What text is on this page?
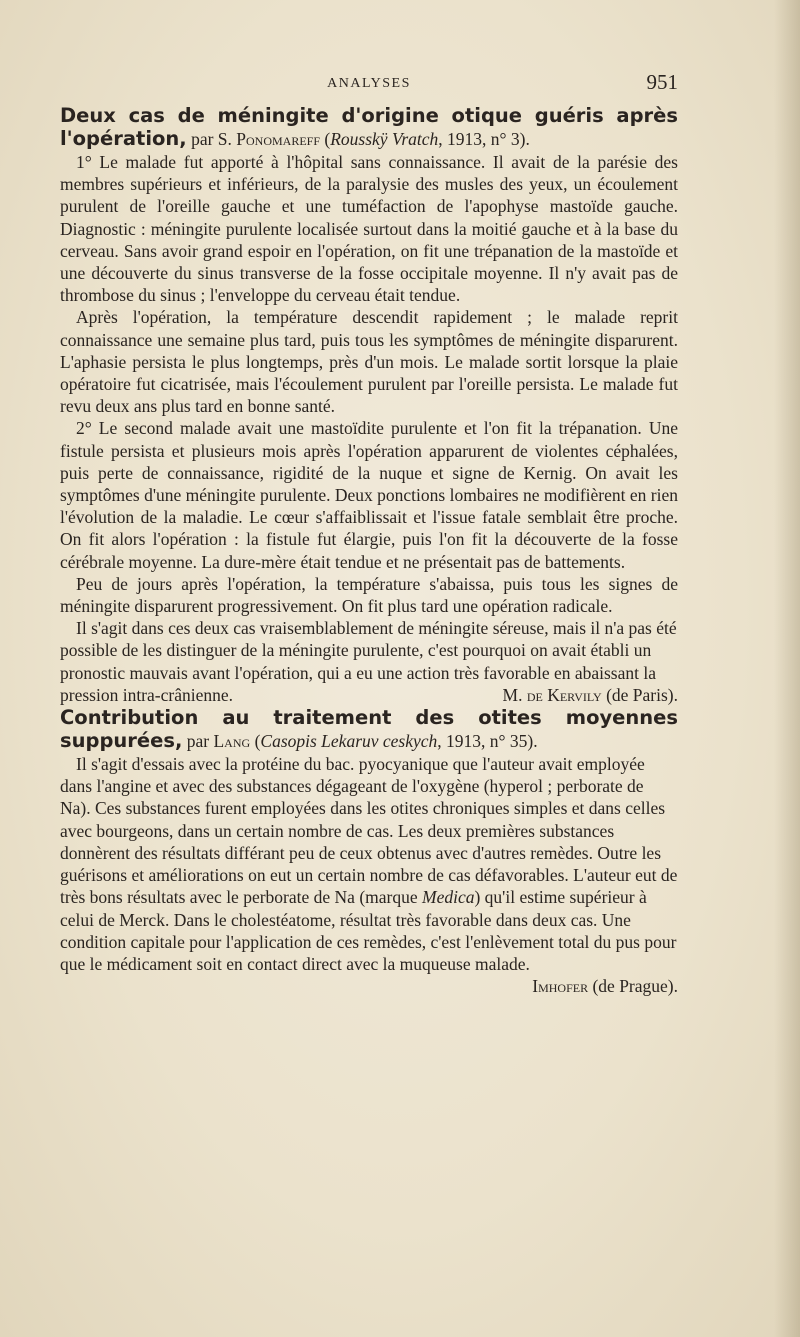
ANALYSES	951
Deux cas de méningite d'origine otique guéris après l'opération, par S. Ponomareff (Rousskÿ Vratch, 1913, n° 3).

1° Le malade fut apporté à l'hôpital sans connaissance. Il avait de la parésie des membres supérieurs et inférieurs, de la paralysie des musles des yeux, un écoulement purulent de l'oreille gauche et une tuméfaction de l'apophyse mastoïde gauche. Diagnostic : méningite purulente localisée surtout dans la moitié gauche et à la base du cerveau. Sans avoir grand espoir en l'opération, on fit une trépanation de la mastoïde et une découverte du sinus transverse de la fosse occipitale moyenne. Il n'y avait pas de thrombose du sinus ; l'enveloppe du cerveau était tendue.

Après l'opération, la température descendit rapidement ; le malade reprit connaissance une semaine plus tard, puis tous les symptômes de méningite disparurent. L'aphasie persista le plus longtemps, près d'un mois. Le malade sortit lorsque la plaie opératoire fut cicatrisée, mais l'écoulement purulent par l'oreille persista. Le malade fut revu deux ans plus tard en bonne santé.

2° Le second malade avait une mastoïdite purulente et l'on fit la trépanation. Une fistule persista et plusieurs mois après l'opération apparurent de violentes céphalées, puis perte de connaissance, rigidité de la nuque et signe de Kernig. On avait les symptômes d'une méningite purulente. Deux ponctions lombaires ne modifièrent en rien l'évolution de la maladie. Le cœur s'affaiblissait et l'issue fatale semblait être proche. On fit alors l'opération : la fistule fut élargie, puis l'on fit la découverte de la fosse cérébrale moyenne. La dure-mère était tendue et ne présentait pas de battements.

Peu de jours après l'opération, la température s'abaissa, puis tous les signes de méningite disparurent progressivement. On fit plus tard une opération radicale.

Il s'agit dans ces deux cas vraisemblablement de méningite séreuse, mais il n'a pas été possible de les distinguer de la méningite purulente, c'est pourquoi on avait établi un pronostic mauvais avant l'opération, qui a eu une action très favorable en abaissant la pression intra-crânienne.	M. de Kervily (de Paris).

Contribution au traitement des otites moyennes suppurées, par Lang (Casopis Lekaruv ceskych, 1913, n° 35).

Il s'agit d'essais avec la protéine du bac. pyocyanique que l'auteur avait employée dans l'angine et avec des substances dégageant de l'oxygène (hyperol ; perborate de Na). Ces substances furent employées dans les otites chroniques simples et dans celles avec bourgeons, dans un certain nombre de cas. Les deux premières substances donnèrent des résultats différant peu de ceux obtenus avec d'autres remèdes. Outre les guérisons et améliorations on eut un certain nombre de cas défavorables. L'auteur eut de très bons résultats avec le perborate de Na (marque Medica) qu'il estime supérieur à celui de Merck. Dans le cholestéatome, résultat très favorable dans deux cas. Une condition capitale pour l'application de ces remèdes, c'est l'enlèvement total du pus pour que le médicament soit en contact direct avec la muqueuse malade.
Imhofer (de Prague).
